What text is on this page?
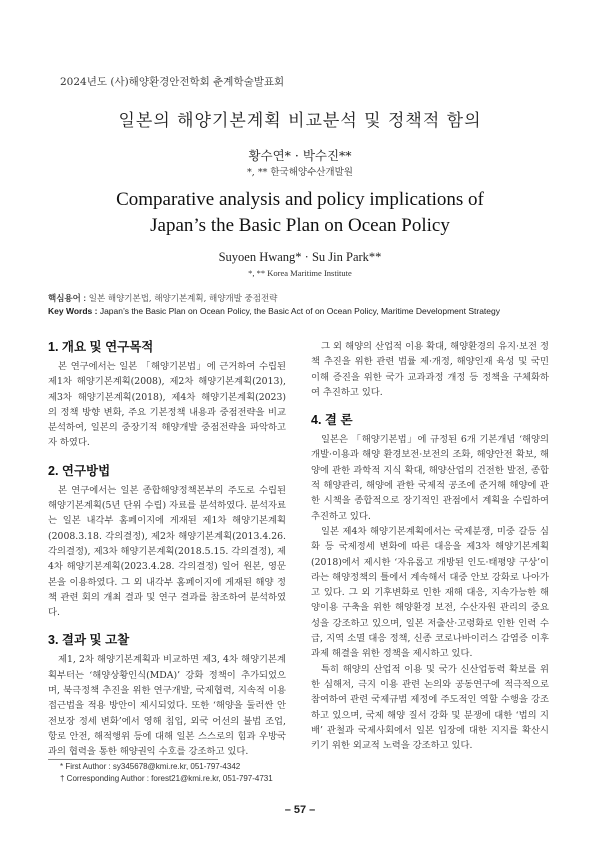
2024년도 (사)해양환경안전학회 춘계학술발표회
일본의 해양기본계획 비교분석 및 정책적 함의
황수연* · 박수진**
*, ** 한국해양수산개발원
Comparative analysis and policy implications of
Japan’s the Basic Plan on Ocean Policy
Suyoen Hwang* · Su Jin Park**
*, ** Korea Maritime Institute
핵심용어 : 일본 해양기본법, 해양기본계획, 해양개발 중점전략
Key Words : Japan’s the Basic Plan on Ocean Policy, the Basic Act of on Ocean Policy, Maritime Development Strategy
1. 개요 및 연구목적

본 연구에서는 일본 「해양기본법」에 근거하여 수립된 제1차 해양기본계획(2008), 제2차 해양기본계획(2013), 제3차 해양기본계획(2018), 제4차 해양기본계획(2023)의 정책 방향 변화, 주요 기본정책 내용과 중점전략을 비교 분석하여, 일본의 중장기적 해양개발 중점전략을 파악하고자 하였다.

2. 연구방법

본 연구에서는 일본 종합해양정책본부의 주도로 수립된 해양기본계획(5년 단위 수립) 자료를 분석하였다. 분석자료는 일본 내각부 홈페이지에 게재된 제1차 해양기본계획(2008.3.18. 각의결정), 제2차 해양기본계획(2013.4.26. 각의결정), 제3차 해양기본계획(2018.5.15. 각의결정), 제4차 해양기본계획(2023.4.28. 각의결정) 일어 원본, 영문본을 이용하였다. 그 외 내각부 홈페이지에 게재된 해양 정책 관련 회의 개최 결과 및 연구 결과를 참조하여 분석하였다.

3. 결과 및 고찰

제1, 2차 해양기본계획과 비교하면 제3, 4차 해양기본계획부터는 ‘해양상황인식(MDA)’ 강화 정책이 추가되었으며, 북극정책 추진을 위한 연구개발, 국제협력, 지속적 이용 접근법을 적용 방안이 제시되었다. 또한 ‘해양을 둘러싼 안전보장 정세 변화’에서 영해 침입, 외국 어선의 불법 조업, 항로 안전, 해적행위 등에 대해 일본 스스로의 힘과 우방국과의 협력을 통한 해양권익 수호를 강조하고 있다.

그 외 해양의 산업적 이용 확대, 해양환경의 유지·보전 정책 추진을 위한 관련 법률 제·개정, 해양인재 육성 및 국민이해 증진을 위한 국가 교과과정 개정 등 정책을 구체화하여 추진하고 있다.

4. 결 론

일본은 「해양기본법」에 규정된 6개 기본개념 ‘해양의 개발·이용과 해양 환경보전·보전의 조화, 해양안전 확보, 해양에 관한 과학적 지식 확대, 해양산업의 건전한 발전, 종합적 해양관리, 해양에 관한 국제적 공조에 준거해 해양에 관한 시책을 종합적으로 장기적인 관점에서 계획을 수립하여 추진하고 있다.

일본 제4차 해양기본계획에서는 국제분쟁, 미중 갈등 심화 등 국제정세 변화에 따른 대응을 제3차 해양기본계획(2018)에서 제시한 ‘자유롭고 개방된 인도·태평양 구상’이라는 해양정책의 틀에서 계속해서 대중 안보 강화로 나아가고 있다. 그 외 기후변화로 인한 재해 대응, 지속가능한 해양이용 구축을 위한 해양환경 보전, 수산자원 관리의 중요성을 강조하고 있으며, 일본 저출산·고령화로 인한 인력 수급, 지역 소멸 대응 정책, 신종 코로나바이러스 감염증 이후 과제 해결을 위한 정책을 제시하고 있다.

특히 해양의 산업적 이용 및 국가 신산업동력 확보를 위한 심해저, 극지 이용 관련 논의와 공동연구에 적극적으로 참여하여 관련 국제규범 제정에 주도적인 역할 수행을 강조하고 있으며, 국제 해양 질서 강화 및 분쟁에 대한 ‘법의 지배’ 관철과 국제사회에서 일본 입장에 대한 지지를 확산시키기 위한 외교적 노력을 강조하고 있다.

* First Author : sy345678@kmi.re.kr, 051-797-4342
† Corresponding Author : forest21@kmi.re.kr, 051-797-4731
– 57 –
